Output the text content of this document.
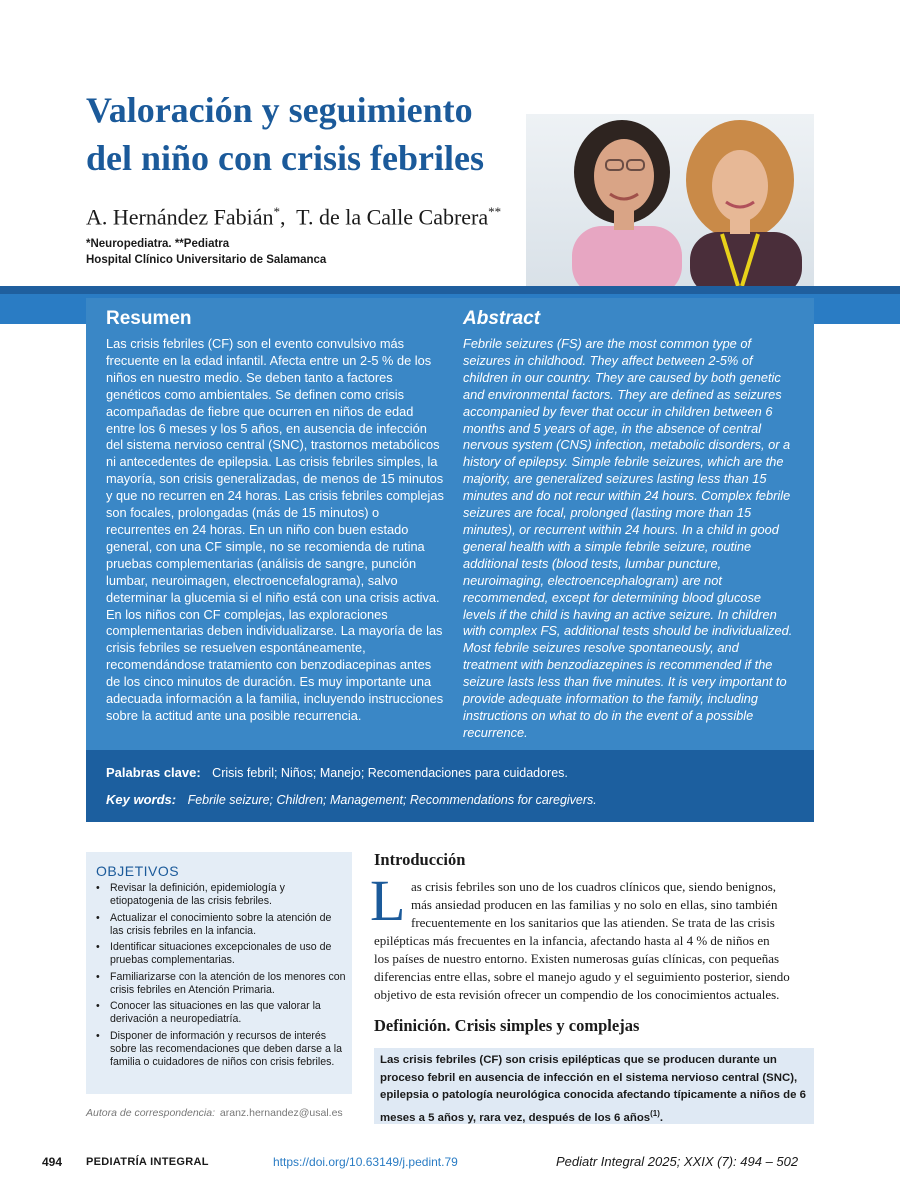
Valoración y seguimiento
del niño con crisis febriles
A. Hernández Fabián*,  T. de la Calle Cabrera**
*Neuropediatra. **Pediatra
Hospital Clínico Universitario de Salamanca
Resumen
Las crisis febriles (CF) son el evento convulsivo más frecuente en la edad infantil. Afecta entre un 2-5 % de los niños en nuestro medio. Se deben tanto a factores genéticos como ambientales. Se definen como crisis acompañadas de fiebre que ocurren en niños de edad entre los 6 meses y los 5 años, en ausencia de infección del sistema nervioso central (SNC), trastornos metabólicos ni antecedentes de epilepsia. Las crisis febriles simples, la mayoría, son crisis generalizadas, de menos de 15 minutos y que no recurren en 24 horas. Las crisis febriles complejas son focales, prolongadas (más de 15 minutos) o recurrentes en 24 horas. En un niño con buen estado general, con una CF simple, no se recomienda de rutina pruebas complementarias (análisis de sangre, punción lumbar, neuroimagen, electroencefalograma), salvo determinar la glucemia si el niño está con una crisis activa. En los niños con CF complejas, las exploraciones complementarias deben individualizarse. La mayoría de las crisis febriles se resuelven espontáneamente, recomendándose tratamiento con benzodiacepinas antes de los cinco minutos de duración. Es muy importante una adecuada información a la familia, incluyendo instrucciones sobre la actitud ante una posible recurrencia.
Abstract
Febrile seizures (FS) are the most common type of seizures in childhood. They affect between 2-5% of children in our country. They are caused by both genetic and environmental factors. They are defined as seizures accompanied by fever that occur in children between 6 months and 5 years of age, in the absence of central nervous system (CNS) infection, metabolic disorders, or a history of epilepsy. Simple febrile seizures, which are the majority, are generalized seizures lasting less than 15 minutes and do not recur within 24 hours. Complex febrile seizures are focal, prolonged (lasting more than 15 minutes), or recurrent within 24 hours. In a child in good general health with a simple febrile seizure, routine additional tests (blood tests, lumbar puncture, neuroimaging, electroencephalogram) are not recommended, except for determining blood glucose levels if the child is having an active seizure. In children with complex FS, additional tests should be individualized. Most febrile seizures resolve spontaneously, and treatment with benzodiazepines is recommended if the seizure lasts less than five minutes. It is very important to provide adequate information to the family, including instructions on what to do in the event of a possible recurrence.
Palabras clave: Crisis febril; Niños; Manejo; Recomendaciones para cuidadores.
Key words: Febrile seizure; Children; Management; Recommendations for caregivers.
OBJETIVOS
• Revisar la definición, epidemiología y etiopatogenia de las crisis febriles.
• Actualizar el conocimiento sobre la atención de las crisis febriles en la infancia.
• Identificar situaciones excepcionales de uso de pruebas complementarias.
• Familiarizarse con la atención de los menores con crisis febriles en Atención Primaria.
• Conocer las situaciones en las que valorar la derivación a neuropediatría.
• Disponer de información y recursos de interés sobre las recomendaciones que deben darse a la familia o cuidadores de niños con crisis febriles.
Autora de correspondencia: aranz.hernandez@usal.es
Introducción
L as crisis febriles son uno de los cuadros clínicos que, siendo benignos,
más ansiedad producen en las familias y no solo en ellas, sino también
frecuentemente en los sanitarios que las atienden. Se trata de las crisis
epilépticas más frecuentes en la infancia, afectando hasta al 4 % de niños en
los países de nuestro entorno. Existen numerosas guías clínicas, con pequeñas
diferencias entre ellas, sobre el manejo agudo y el seguimiento posterior, siendo
objetivo de esta revisión ofrecer un compendio de los conocimientos actuales.
Definición. Crisis simples y complejas
Las crisis febriles (CF) son crisis epilépticas que se producen durante un proceso febril en ausencia de infección en el sistema nervioso central (SNC), epilepsia o patología neurológica conocida afectando típicamente a niños de 6 meses a 5 años y, rara vez, después de los 6 años$^{(1)}$.
494 PEDIATRÍA INTEGRAL	https://doi.org/10.63149/j.pedint.79	Pediatr Integral 2025; XXIX (7): 494 – 502
